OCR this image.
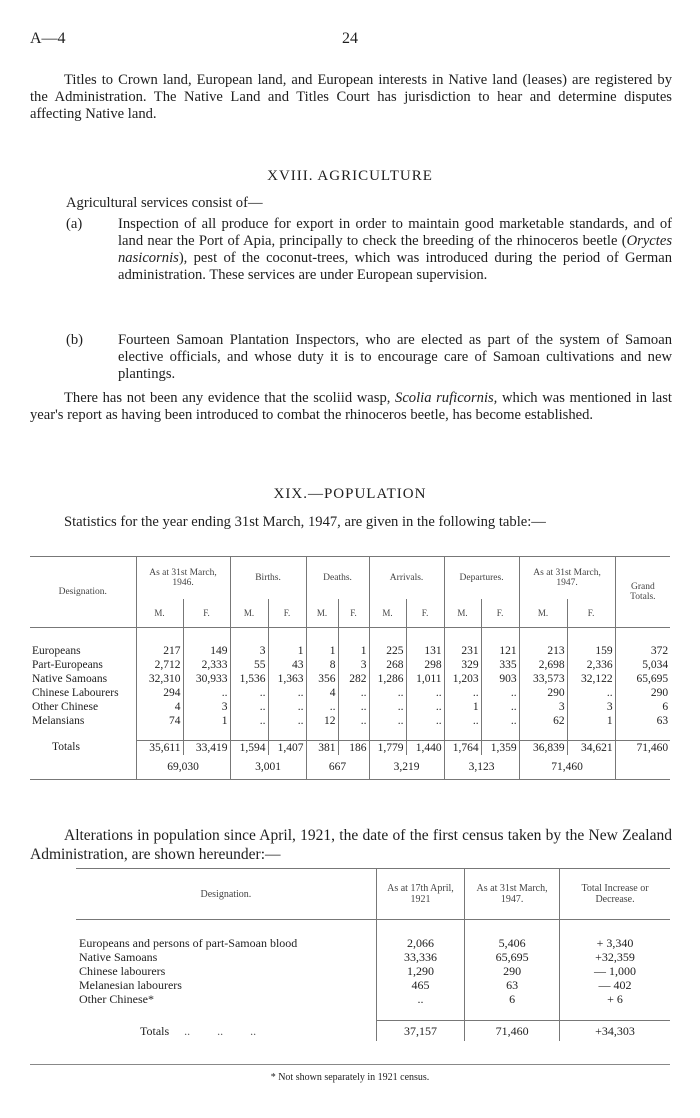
A—4	24
Titles to Crown land, European land, and European interests in Native land (leases) are registered by the Administration. The Native Land and Titles Court has jurisdiction to hear and determine disputes affecting Native land.
XVIII. AGRICULTURE
Agricultural services consist of—
(a) Inspection of all produce for export in order to maintain good marketable standards, and of land near the Port of Apia, principally to check the breeding of the rhinoceros beetle (Oryctes nasicornis), pest of the coconut-trees, which was introduced during the period of German administration. These services are under European supervision.
(b) Fourteen Samoan Plantation Inspectors, who are elected as part of the system of Samoan elective officials, and whose duty it is to encourage care of Samoan cultivations and new plantings.
There has not been any evidence that the scoliid wasp, Scolia ruficornis, which was mentioned in last year's report as having been introduced to combat the rhinoceros beetle, has become established.
XIX.—POPULATION
Statistics for the year ending 31st March, 1947, are given in the following table:—
Designation.	As at 31st March, 1946.		Births.		Deaths.		Arrivals.		Departures.		As at 31st March, 1947.		Grand Totals.
	M.	F.	M.	F.	M.	F.	M.	F.	M.	F.	M.	F.	

Europeans	217	149	3	1	1	1	225	131	231	121	213	159	372
Part-Europeans	2,712	2,333	55	43	8	3	268	298	329	335	2,698	2,336	5,034
Native Samoans	32,310	30,933	1,536	1,363	356	282	1,286	1,011	1,203	903	33,573	32,122	65,695
Chinese Labourers	294	..	..	..	4	..	..	..	..	..	290	..	290
Other Chinese	4	3	..	..	..	..	..	..	1	..	3	3	6
Melansians	74	1	..	..	12	..	..	..	..	..	62	1	63

Totals	35,611	33,419	1,594	1,407	381	186	1,779	1,440	1,764	1,359	36,839	34,621	71,460
	69,030		3,001		667		3,219		3,123		71,460		
Alterations in population since April, 1921, the date of the first census taken by the New Zealand Administration, are shown hereunder:—
Designation.	As at 17th April, 1921	As at 31st March, 1947.	Total Increase or Decrease.

Europeans and persons of part-Samoan blood	2,066	5,406	+ 3,340
Native Samoans	33,336	65,695	+32,359
Chinese labourers	1,290	290	— 1,000
Melanesian labourers	465	63	— 402
Other Chinese*	..	6	+ 6

Totals     ..         ..         ..	37,157	71,460	+34,303
* Not shown separately in 1921 census.
